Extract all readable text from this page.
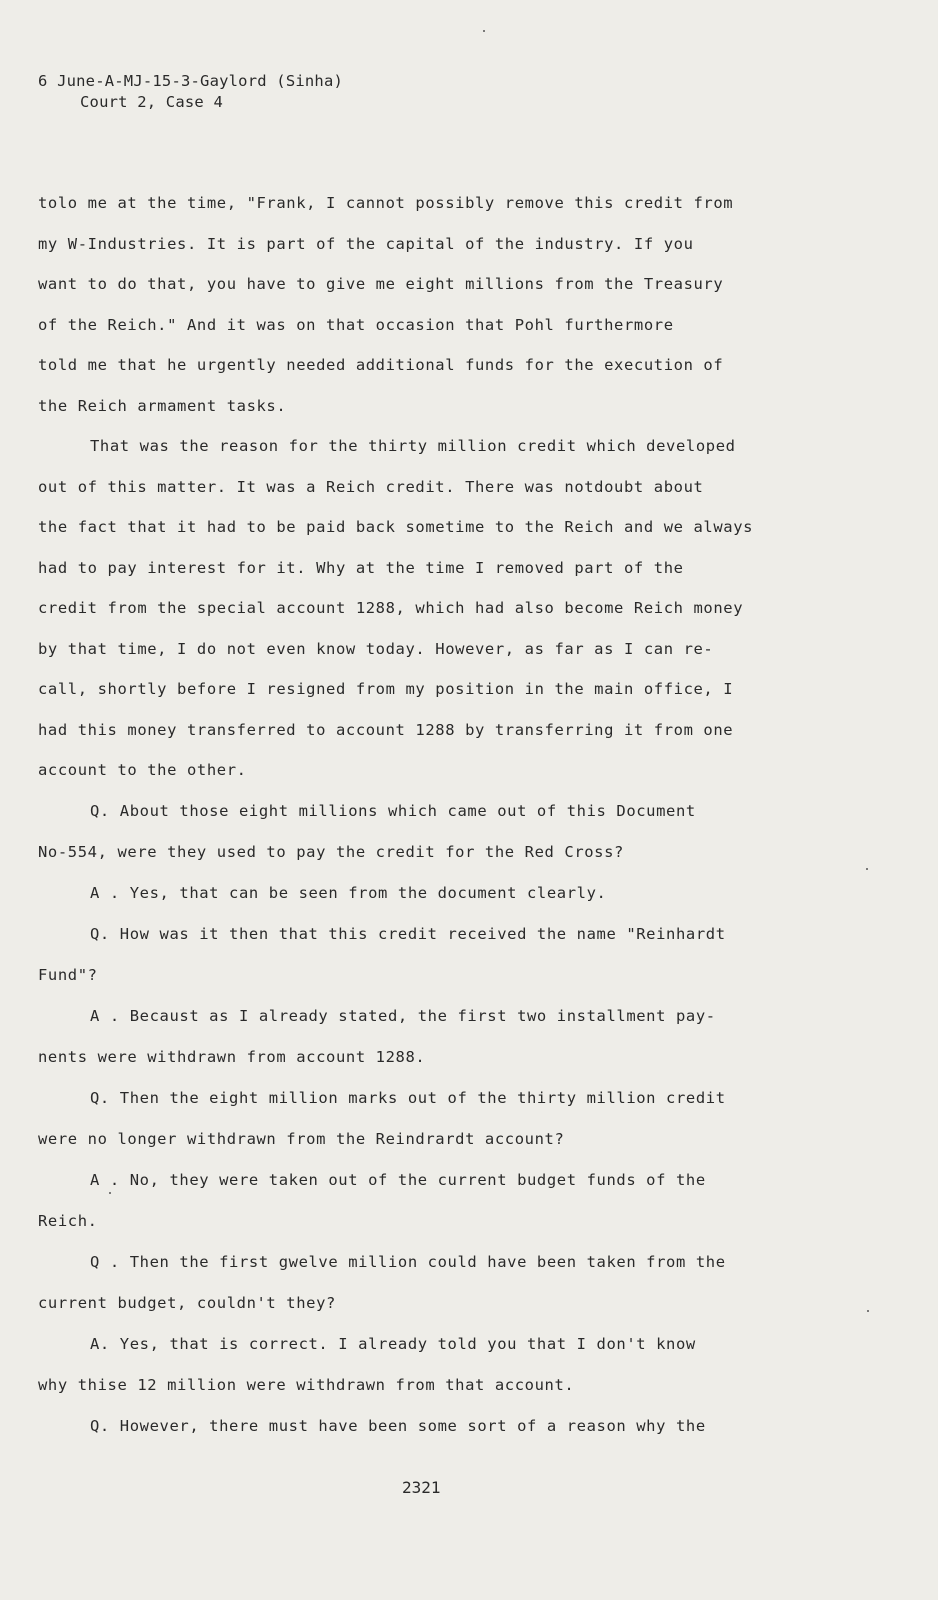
6 June-A-MJ-15-3-Gaylord (Sinha)
Court 2, Case 4
tolo me at the time, "Frank, I cannot possibly remove this credit from
my W-Industries. It is part of the capital of the industry. If you
want to do that, you have to give me eight millions from the Treasury
of the Reich." And it was on that occasion that Pohl furthermore
told me that he urgently needed additional funds for the execution of
the Reich armament tasks.
That was the reason for the thirty million credit which developed
out of this matter. It was a Reich credit. There was notdoubt about
the fact that it had to be paid back sometime to the Reich and we always
had to pay interest for it. Why at the time I removed part of the
credit from the special account 1288, which had also become Reich money
by that time, I do not even know today. However, as far as I can re-
call, shortly before I resigned from my position in the main office, I
had this money transferred to account 1288 by transferring it from one
account to the other.
Q. About those eight millions which came out of this Document
No-554, were they used to pay the credit for the Red Cross?
A . Yes, that can be seen from the document clearly.
Q. How was it then that this credit received the name "Reinhardt
Fund"?
A . Becaust as I already stated, the first two installment pay-
nents were withdrawn from account 1288.
Q. Then the eight million marks out of the thirty million credit
were no longer withdrawn from the Reindrardt account?
A . No, they were taken out of the current budget funds of the
Reich.
Q . Then the first gwelve million could have been taken from the
current budget, couldn't they?
A. Yes, that is correct. I already told you that I don't know
why thise 12 million were withdrawn from that account.
Q. However, there must have been some sort of a reason why the
2321
